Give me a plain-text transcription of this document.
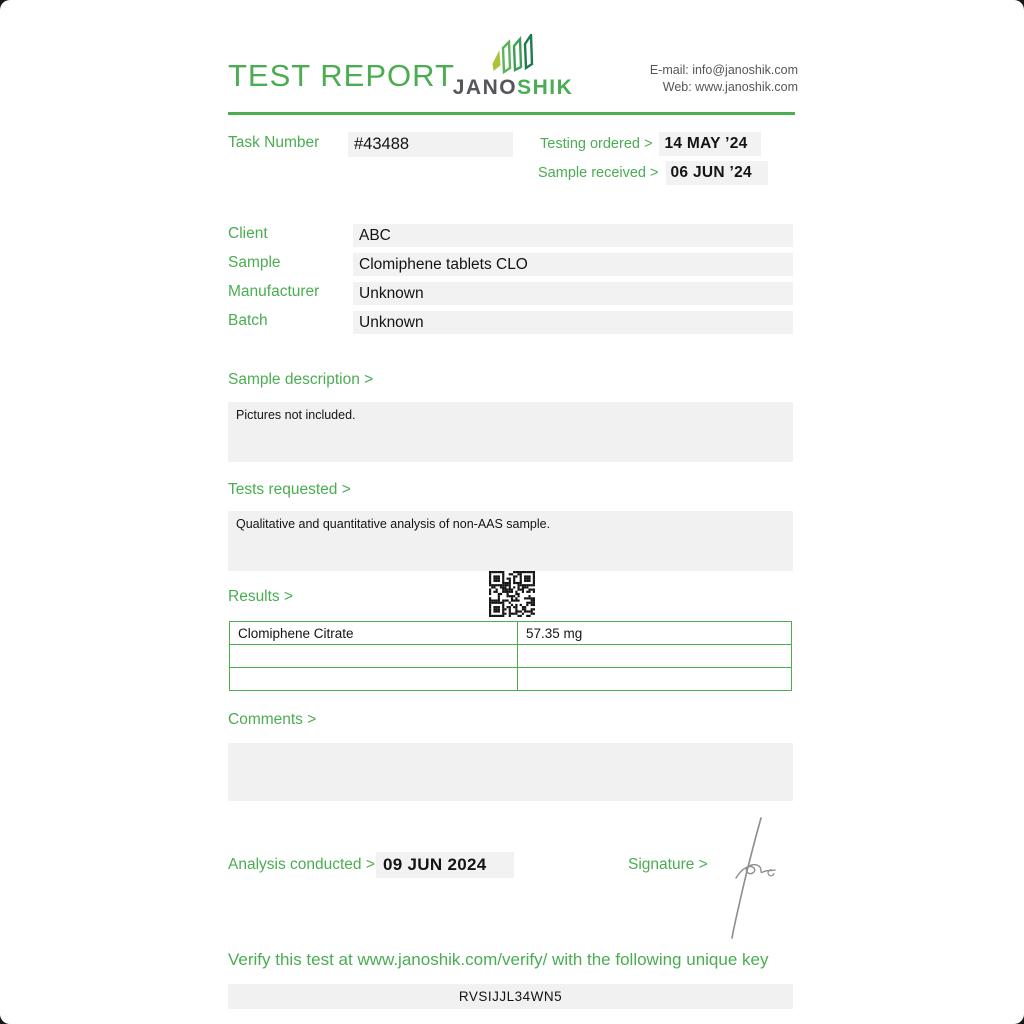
TEST REPORT
JANOSHIK
E-mail: info@janoshik.com
Web: www.janoshik.com
Task Number	#43488	Testing ordered > 14 MAY ’24
Sample received > 06 JUN ’24
Client	ABC
Sample	Clomiphene tablets CLO
Manufacturer	Unknown
Batch	Unknown
Sample description >
Pictures not included.
Tests requested >
Qualitative and quantitative analysis of non-AAS sample.
Results >
Clomiphene Citrate	57.35 mg

Comments >
Analysis conducted > 09 JUN 2024	Signature >
Verify this test at www.janoshik.com/verify/ with the following unique key
RVSIJJL34WN5
